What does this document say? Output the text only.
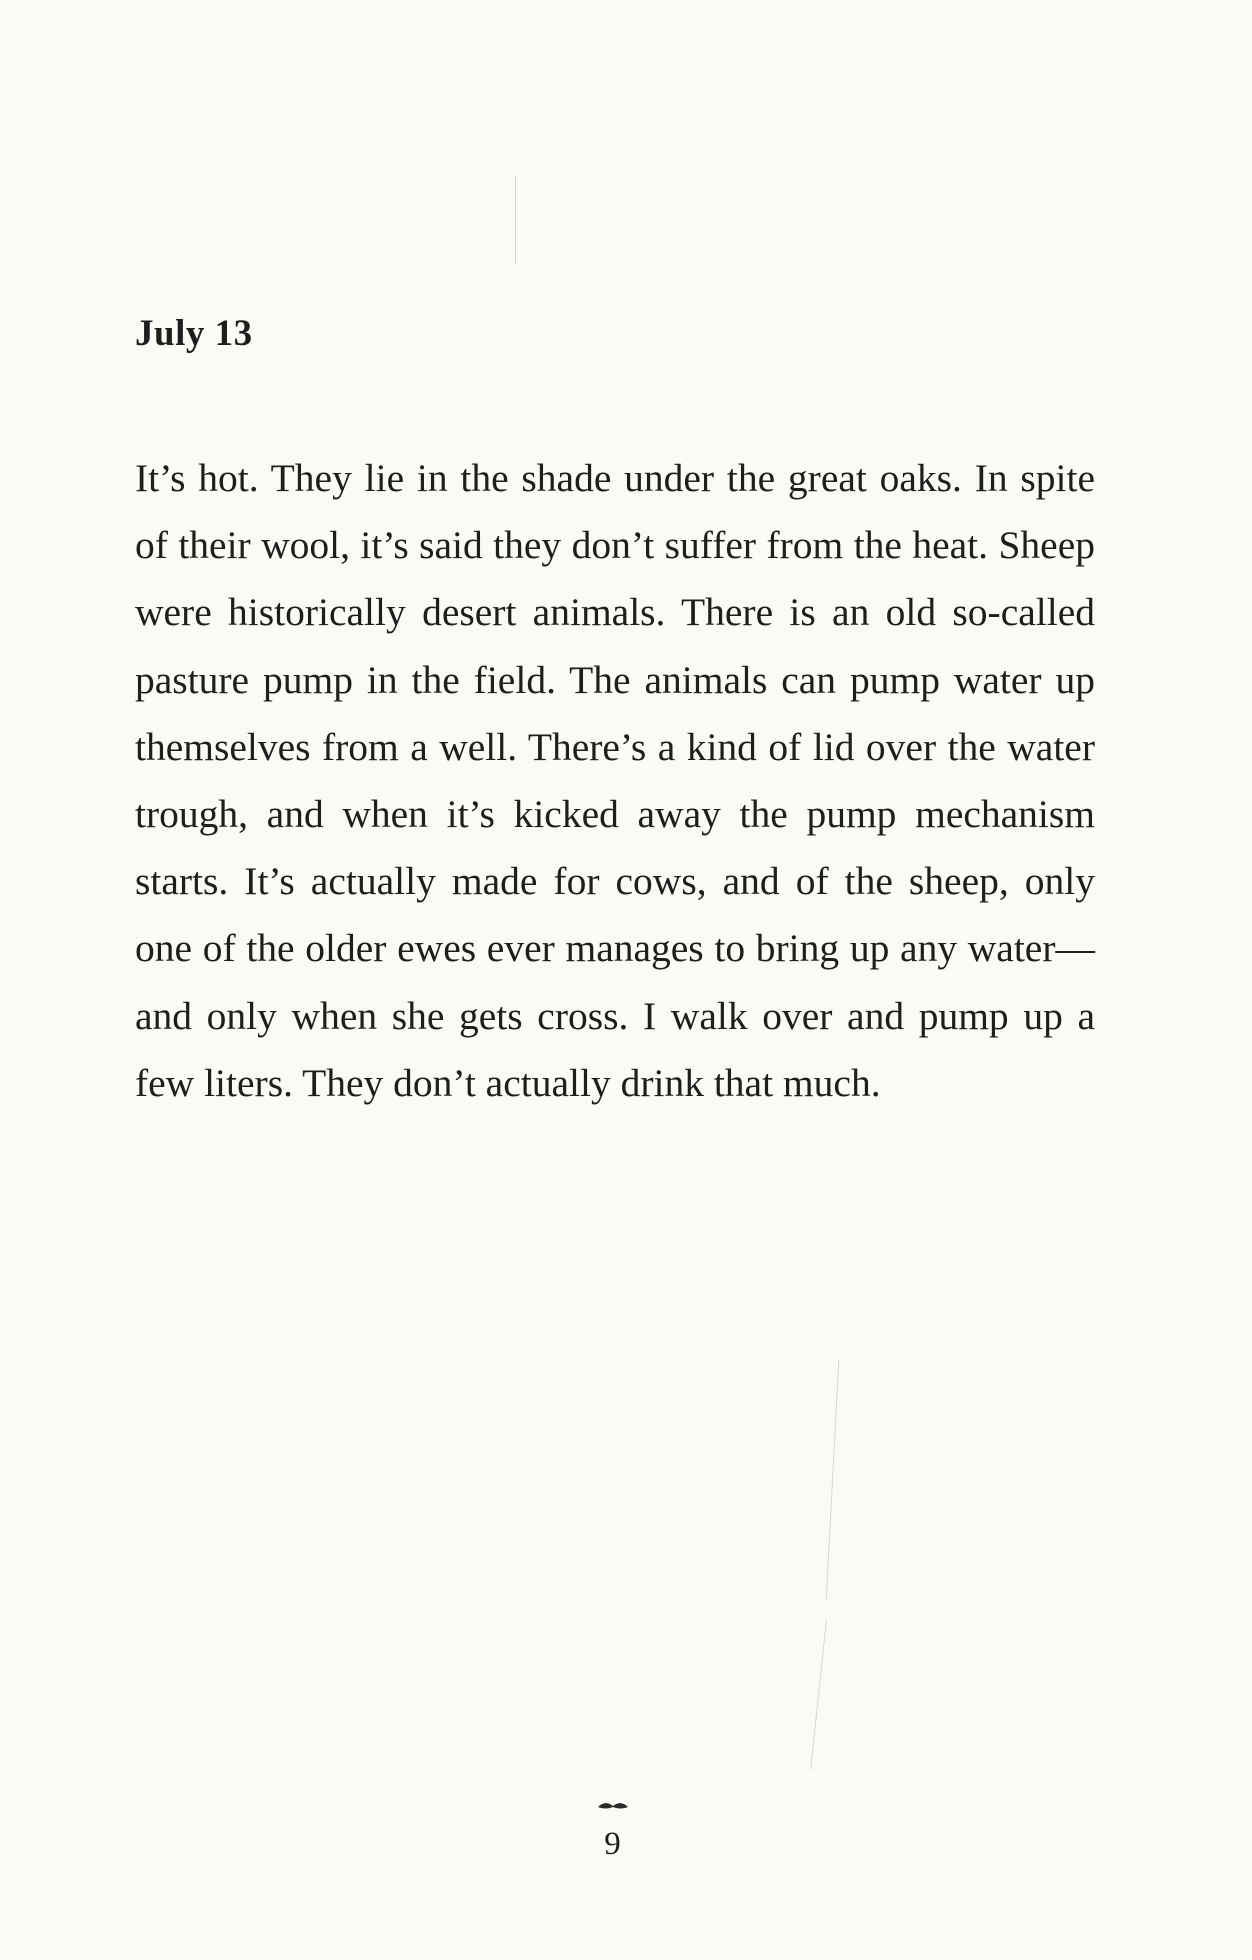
July 13

It’s hot. They lie in the shade under the great oaks. In spite of their wool, it’s said they don’t suffer from the heat. Sheep were historically desert animals. There is an old so-called pasture pump in the field. The animals can pump water up themselves from a well. There’s a kind of lid over the water trough, and when it’s kicked away the pump mechanism starts. It’s actually made for cows, and of the sheep, only one of the older ewes ever manages to bring up any water—and only when she gets cross. I walk over and pump up a few liters. They don’t actually drink that much.

9
